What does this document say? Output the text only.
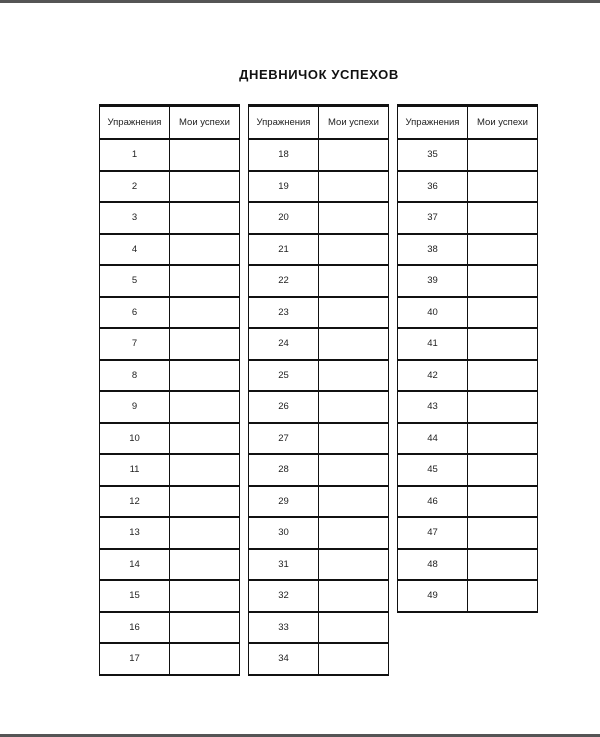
ДНЕВНИЧОК УСПЕХОВ
Упражнения	Мои успехи
1
2
3
4
5
6
7
8
9
10
11
12
13
14
15
16
17
Упражнения	Мои успехи
18
19
20
21
22
23
24
25
26
27
28
29
30
31
32
33
34
Упражнения	Мои успехи
35
36
37
38
39
40
41
42
43
44
45
46
47
48
49
